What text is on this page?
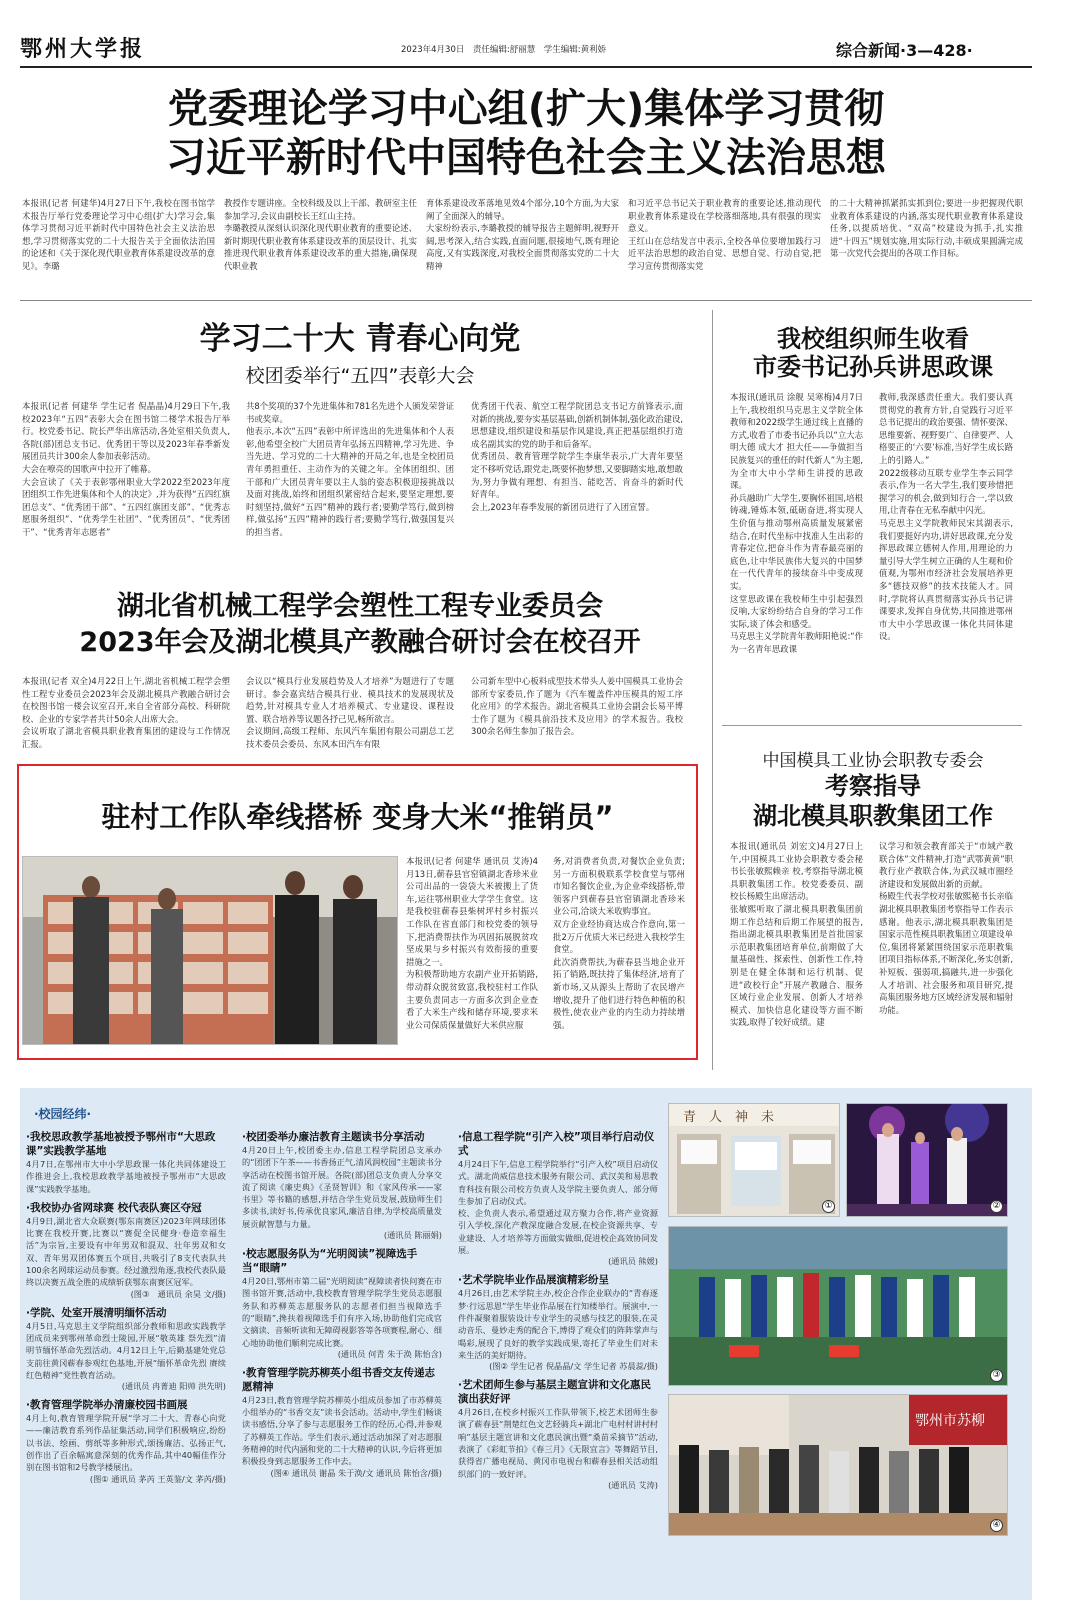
鄂州大学报	2023年4月30日　责任编辑:舒丽慧　学生编辑:黄利娇	综合新闻·3—428·
党委理论学习中心组(扩大)集体学习贯彻
习近平新时代中国特色社会主义法治思想
本报讯(记者 何建华)4月27日下午,我校在图书馆学术报告厅举行党委理论学习中心组(扩大)学习会,集体学习贯彻习近平新时代中国特色社会主义法治思想,学习贯彻落实党的二十大报告关于全面依法治国的论述和《关于深化现代职业教育体系建设改革的意见》。李璐
教授作专题讲座。全校科级及以上干部、教研室主任参加学习,会议由副校长王红山主持。
李璐教授从深刻认识深化现代职业教育的重要论述、新时期现代职业教育体系建设改革的顶层设计、扎实推进现代职业教育体系建设改革的重大措施,确保现代职业教
育体系建设改革落地见效4个部分,10个方面,为大家阐了全面深入的辅导。
大家纷纷表示,李璐教授的辅导报告主题鲜明,视野开阔,思考深入,结合实践,直面问题,很接地气,既有理论高度,又有实践深度,对我校全面贯彻落实党的二十大精神
和习近平总书记关于职业教育的重要论述,推动现代职业教育体系建设在学校落细落地,具有很强的现实意义。
王红山在总结发言中表示,全校各单位要增加践行习近平法治思想的政治自觉、思想自觉、行动自觉,把学习宣传贯彻落实党
的二十大精神抓紧抓实抓到位;要进一步把握现代职业教育体系建设的内涵,落实现代职业教育体系建设任务,以提质培优、“双高”校建设为抓手,扎实推进“十四五”规划实施,用实际行动,丰硕成果圆满完成第一次党代会提出的各项工作目标。
学习二十大 青春心向党
校团委举行“五四”表彰大会
本报讯(记者 何建华 学生记者 倪晶晶)4月29日下午,我校2023年“五四”表彰大会在图书馆二楼学术报告厅举行。校党委书记、院长严华出席活动,各处室相关负责人,各院(部)团总支书记、优秀团干等以及2023年春季新发展团员共计300余人参加表彰活动。
大会在嘹亮的国歌声中拉开了帷幕。
大会宣读了《关于表彰鄂州职业大学2022至2023年度团组织工作先进集体和个人的决定》,并为获得“五四红旗团总支”、“优秀团干部”、“五四红旗团支部”、“优秀志愿服务组织”、“优秀学生社团”、“优秀团员”、“优秀团干”、“优秀青年志愿者”
共8个奖项的37个先进集体和781名先进个人颁发荣誉证书或奖章。
他表示,本次“五四”表彰中所评选出的先进集体和个人表彰,他希望全校广大团员青年弘扬五四精神,学习先进、争当先进、学习党的二十大精神的开局之年,也是全校团员青年勇担重任、主动作为的关键之年。全体团组织、团干部和广大团员青年要以主人翁的姿态积极迎接挑战以及面对挑战,始终和团组织紧密结合起来,要坚定理想,要时刻坚持,做好“五四”精神的践行者;要勤学笃行,做到榜样,做弘扬“五四”精神的践行者;要勤学笃行,做强国复兴的担当者。
优秀团干代表、航空工程学院团总支书记方前锋表示,面对新的挑战,要夯实基层基础,创新机制体制,强化政治建设,思想建设,组织建设和基层作风建设,真正把基层组织打造成名副其实的党的助手和后备军。
优秀团员、教育管理学院学生李康华表示,广大青年要坚定不移听党话,跟党走,既要怀抱梦想,又要脚踏实地,敢想敢为,努力争做有理想、有担当、能吃苦、肯奋斗的新时代好青年。
会上,2023年春季发展的新团员进行了入团宣誓。
湖北省机械工程学会塑性工程专业委员会
2023年会及湖北模具产教融合研讨会在校召开
本报讯(记者 双全)4月22日上午,湖北省机械工程学会塑性工程专业委员会2023年会及湖北模具产教融合研讨会在校图书馆一楼会议室召开,来自全省部分高校、科研院校、企业的专家学者共计50余人出席大会。
会议听取了湖北省模具职业教育集团的建设与工作情况汇报。
会议以“模具行业发展趋势及人才培养”为题进行了专题研讨。参会嘉宾结合模具行业、模具技术的发展现状及趋势,针对模具专业人才培养模式、专业建设、课程设置、联合培养等议题各抒己见,畅所欲言。
会议期间,高级工程师、东风汽车集团有限公司副总工艺技术委员会委员、东风本田汽车有限
公司新车型中心板料成型技术带头人姜中国模具工业协会部所专家委员,作了题为《汽车覆盖件冲压模具的短工序化应用》的学术报告。湖北省模具工业协会副会长易平博士作了题为《模具前沿技术及应用》的学术报告。我校300余名师生参加了报告会。
驻村工作队牵线搭桥 变身大米“推销员”
本报讯(记者 何建华 通讯员 艾涛)4月13日,蕲春县官窑镇湖北香珍米业公司出品的一袋袋大米被搬上了货车,运往鄂州职业大学学生食堂。这是我校驻蕲春县柴树坪村乡村振兴工作队在省直部门和校党委的领导下,把消费帮扶作为巩固拓展脱贫攻坚成果与乡村振兴有效衔接的重要措施之一。
为积极帮助地方农副产业开拓销路,带动群众脱贫致富,我校驻村工作队主要负责同志一方面多次到企业查看了大米生产线和储存环境,要求米业公司保质保量做好大米供应服
务,对消费者负责,对餐饮企业负责;另一方面积极联系学校食堂与鄂州市知名餐饮企业,为企业牵线搭桥,带领客户到蕲春县官窑镇湖北香珍米业公司,洽谈大米收购事宜。
双方企业经协商达成合作意向,第一批2万斤优质大米已经进入我校学生食堂。
此次消费帮扶,为蕲春县当地企业开拓了销路,既扶持了集体经济,培育了新市场,又从源头上帮助了农民增产增收,提升了他们进行特色种植的积极性,使农业产业的内生动力持续增强。
我校组织师生收看
市委书记孙兵讲思政课
本报讯(通讯员 涂舰 吴寒梅)4月7日上午,我校组织马克思主义学院全体教师和2022级学生通过线上直播的方式,收看了市委书记孙兵以“立大志 明大德 成大才 担大任——争做担当民族复兴的重任的时代新人”为主题,为全市大中小学师生讲授的思政课。
孙兵融助广大学生,要胸怀祖国,培根铸魂,锤炼本领,砥砺奋进,将实现人生价值与推动鄂州高质量发展紧密结合,在时代坐标中找准人生出彩的青春定位,把奋斗作为青春最亮丽的底色,让中华民族伟大复兴的中国梦在一代代青年的接续奋斗中变成现实。
这堂思政课在我校师生中引起强烈反响,大家纷纷结合自身的学习工作实际,谈了体会和感受。
马克思主义学院青年教师阳艳说:“作为一名青年思政课
教师,我深感责任重大。我们要认真贯彻党的教育方针,自觉践行习近平总书记提出的政治要强、情怀要深、思维要新、视野要广、自律要严、人格要正的‘六要’标准,当好学生成长路上的引路人。”
2022级移动互联专业学生李云同学表示,作为一名大学生,我们要珍惜把握学习的机会,做到知行合一,学以致用,让青春在无私奉献中闪光。
马克思主义学院教师民宋其湖表示,我们要挺好内功,讲好思政课,充分发挥思政课立德树人作用,用理论的力量引导大学生树立正确的人生观和价值观,为鄂州市经济社会发展培养更多“德技双修”的技术技能人才。同时,学院将认真贯彻落实孙兵书记讲课要求,发挥自身优势,共同推进鄂州市大中小学思政课一体化共同体建设。
中国模具工业协会职教专委会
考察指导
湖北模具职教集团工作
本报讯(通讯员 刘宏文)4月27日上午,中国模具工业协会职教专委会秘书长张敏熙赖亲 校,考察指导湖北模具职教集团工作。校党委委员、副校长杨殿生出席活动。
张敏熙听取了湖北模具职教集团前期工作总结和后期工作展望的报告,指出湖北模具职教集团是首批国家示范职教集团培育单位,前期做了大量基础性、探索性、创新性工作,特别是在健全体制和运行机制、促进“政校行企”开展产教融合、服务区域行业企业发展、创新人才培养模式、加快信息化建设等方面不断实践,取得了较好成绩。建
议学习和领会教育部关于“市域产教联合体”文件精神,打造“武鄂黄黄”职教行业产教联合体,为武汉城市圈经济建设和发展做出新的贡献。
杨殿生代表学校对张敏熙秘书长亲临湖北模具职教集团考察指导工作表示感谢。他表示,湖北模具职教集团是国家示范性模具职教集团立项建设单位,集团将紧紧围绕国家示范职教集团项目指标体系,不断深化,务实创新,补短板、强弱项,搞融共,进一步强化人才培训、社会服务和项目研究,提高集团服务地方区域经济发展和辐射功能。
·校园经纬·
·我校思政教学基地被授予鄂州市“大思政课”实践教学基地
4月7日,在鄂州市大中小学思政课一体化共同体建设工作推进会上,我校思政教学基地被授予鄂州市“大思政课”实践教学基地。
·我校协办省网球赛 校代表队赛区夺冠
4月9日,湖北省大众联赛(鄂东南赛区)2023年网球团体比赛在我校开赛,比赛以“赛促全民健身·卷造幸福生活”为宗旨,主要设有中年男双和混双、壮年男双和女双、青年男双团体赛五个项目,共吸引了8支代表队共100余名网球运动员参赛。经过激烈角逐,我校代表队最终以决赛五战全胜的成绩斩获鄂东南赛区冠军。
(图③　通讯员 余昊 文/摄)
·学院、处室开展清明缅怀活动
4月5日,马克思主义学院组织部分教师和思政实践教学团成员来到鄂州革命烈士陵园,开展“敬英雄 祭先烈”清明节缅怀革命先烈活动。4月12日上午,后勤基建处党总支前往黄冈蕲春参观红色基地,开展“缅怀革命先烈 赓续红色精神”党性教育活动。
(通讯员 冉菁迪 阳帅 洪先明)
·教育管理学院举办清廉校园书画展
4月上旬,教育管理学院开展“学习二十大、青春心向党——廉洁教育系列作品征集活动,同学们积极响应,纷纷以书法、绘画、剪纸等多种形式,颂扬廉洁、弘扬正气,创作出了百余幅寓意深刻的优秀作品,其中40幅佳作分别在图书馆和2号教学楼展出。
(图① 通讯员 茅芮 王英鉴/文 茅芮/摄)
·校团委举办廉洁教育主题读书分享活动
4月20日上午,校团委主办,信息工程学院团总支承办的“团团下午茶——书香扬正气,清风润校园”主题读书分享活动在校图书馆开展。各院(部)团总支负责人分享交流了阅读《廉史典》《圣贤智训》和《家风传承——家书里》等书籍的感想,并结合学生党员发展,鼓励师生们多读书,读好书,传承优良家风,廉洁自律,为学校高质量发展贡献智慧与力量。
(通讯员 陈丽娟)
·校志愿服务队为“光明阅读”视障选手当“眼睛”
4月20日,鄂州市第二届“光明阅读”视障读者快问赛在市图书馆开赛,活动中,我校教育管理学院学生党员志愿服务队和苏柳英志愿服务队的志愿者们担当视障选手的“眼睛”,搀扶着视障选手们有序入场,协助他们完成官文摘读、音频听读和无障碍视影答等各项赛程,耐心、细心地协助他们顺利完成比赛。
(通讯员 何青 朱于涣 陈怡含)
·教育管理学院苏柳英小组书香交友传递志愿精神
4月23日,教育管理学院苏柳英小组成员参加了市苏柳英小组举办的“书香交友”读书会活动。活动中,学生们畅谈读书感悟,分享了参与志愿服务工作的经历,心得,并参观了苏柳英工作站。学生们表示,通过活动加深了对志愿服务精神的时代内涵和党的二十大精神的认识,今后将更加积极投身到志愿服务工作中去。
(图④ 通讯员 谢晶 朱于涣/文 通讯员 陈怡含/摄)
·信息工程学院“引产入校”项目举行启动仪式
4月24日下午,信息工程学院举行“引产入校”项目启动仪式。湖北尚威信息技术服务有限公司、武汉美和易思教育科技有限公司校方负责人及学院主要负责人、部分师生参加了启动仪式。
校、企负责人表示,希望通过双方聚力合作,将产业资源引入学校,深化产教深度融合发展,在校企资源共享、专业建设、人才培养等方面做实做细,促进校企高效协同发展。
(通讯员 熊媛)
·艺术学院毕业作品展演精彩纷呈
4月26日,由艺术学院主办,校企合作企业联办的“青春逐梦·行远思恩”学生毕业作品展在行知楼举行。展演中,一件件凝聚着服装设计专业学生的灵感与技艺的服装,在灵动音乐、曼妙走秀的配合下,博得了观众们的阵阵掌声与喝彩,展现了良好的教学实践成果,寄托了毕业生们对未来生活的美好期待。
(图② 学生记者 倪晶晶/文 学生记者 苏晨蕊/摄)
·艺术团师生参与基层主题宣讲和文化惠民演出获好评
4月26日,在校乡村振兴工作队带领下,校艺术团师生参演了蕲春县“荆楚红色文艺轻骑兵+湖北广电村村讲村村响”基层主题宣讲和文化惠民演出暨“桑苗采摘节”活动,表演了《彩虹节拍》《春三月》《无限宜言》等舞蹈节目,获得省广播电视局、黄冈市电视台和蕲春县相关活动组织部门的一致好评。
(通讯员 艾涛)
青　人　神　未
①	②
③
鄂州市苏柳
④
